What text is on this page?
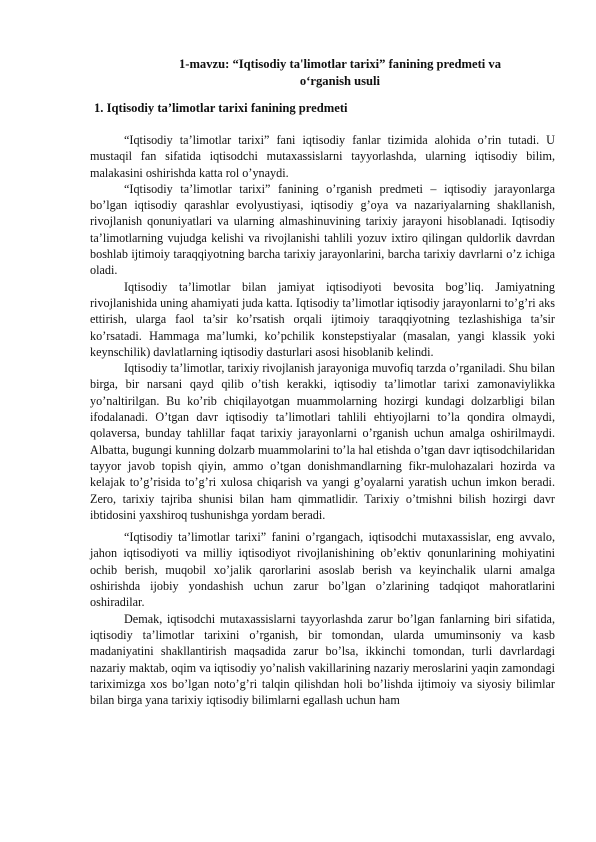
1-mavzu: “Iqtisodiy ta'limotlar tarixi” fanining predmeti va
o‘rganish usuli
1. Iqtisodiy ta’limotlar tarixi fanining predmeti

“Iqtisodiy ta’limotlar tarixi” fani iqtisodiy fanlar tizimida alohida o’rin tutadi. U mustaqil fan sifatida iqtisodchi mutaxassislarni tayyorlashda, ularning iqtisodiy bilim, malakasini oshirishda katta rol o’ynaydi.

“Iqtisodiy ta’limotlar tarixi” fanining o’rganish predmeti – iqtisodiy jarayonlarga bo’lgan iqtisodiy qarashlar evolyustiyasi, iqtisodiy g’oya va nazariyalarning shakllanish, rivojlanish qonuniyatlari va ularning almashinuvining tarixiy jarayoni hisoblanadi. Iqtisodiy ta’limotlarning vujudga kelishi va rivojlanishi tahlili yozuv ixtiro qilingan quldorlik davrdan boshlab ijtimoiy taraqqiyotning barcha tarixiy jarayonlarini, barcha tarixiy davrlarni o’z ichiga oladi.

Iqtisodiy ta’limotlar bilan jamiyat iqtisodiyoti bevosita bog’liq. Jamiyatning rivojlanishida uning ahamiyati juda katta. Iqtisodiy ta’limotlar iqtisodiy jarayonlarni to’g’ri aks ettirish, ularga faol ta’sir ko’rsatish orqali ijtimoiy taraqqiyotning tezlashishiga ta’sir ko’rsatadi. Hammaga ma’lumki, ko’pchilik konstepstiyalar (masalan, yangi klassik yoki keynschilik) davlatlarning iqtisodiy dasturlari asosi hisoblanib kelindi.

Iqtisodiy ta’limotlar, tarixiy rivojlanish jarayoniga muvofiq tarzda o’rganiladi. Shu bilan birga, bir narsani qayd qilib o’tish kerakki, iqtisodiy ta’limotlar tarixi zamonaviylikka yo’naltirilgan. Bu ko’rib chiqilayotgan muammolarning hozirgi kundagi dolzarbligi bilan ifodalanadi. O’tgan davr iqtisodiy ta’limotlari tahlili ehtiyojlarni to’la qondira olmaydi, qolaversa, bunday tahlillar faqat tarixiy jarayonlarni o’rganish uchun amalga oshirilmaydi. Albatta, bugungi kunning dolzarb muammolarini to’la hal etishda o’tgan davr iqtisodchilaridan tayyor javob topish qiyin, ammo o’tgan donishmandlarning fikr-mulohazalari hozirda va kelajak to’g’risida to’g’ri xulosa chiqarish va yangi g’oyalarni yaratish uchun imkon beradi. Zero, tarixiy tajriba shunisi bilan ham qimmatlidir. Tarixiy o’tmishni bilish hozirgi davr ibtidosini yaxshiroq tushunishga yordam beradi.

“Iqtisodiy ta’limotlar tarixi” fanini o’rgangach, iqtisodchi mutaxassislar, eng avvalo, jahon iqtisodiyoti va milliy iqtisodiyot rivojlanishining ob’ektiv qonunlarining mohiyatini ochib berish, muqobil xo’jalik qarorlarini asoslab berish va keyinchalik ularni amalga oshirishda ijobiy yondashish uchun zarur bo’lgan o’zlarining tadqiqot mahoratlarini oshiradilar.

Demak, iqtisodchi mutaxassislarni tayyorlashda zarur bo’lgan fanlarning biri sifatida, iqtisodiy ta’limotlar tarixini o’rganish, bir tomondan, ularda umuminsoniy va kasb madaniyatini shakllantirish maqsadida zarur bo’lsa, ikkinchi tomondan, turli davrlardagi nazariy maktab, oqim va iqtisodiy yo’nalish vakillarining nazariy meroslarini yaqin zamondagi tariximizga xos bo’lgan noto’g’ri talqin qilishdan holi bo’lishda ijtimoiy va siyosiy bilimlar bilan birga yana tarixiy iqtisodiy bilimlarni egallash uchun ham
